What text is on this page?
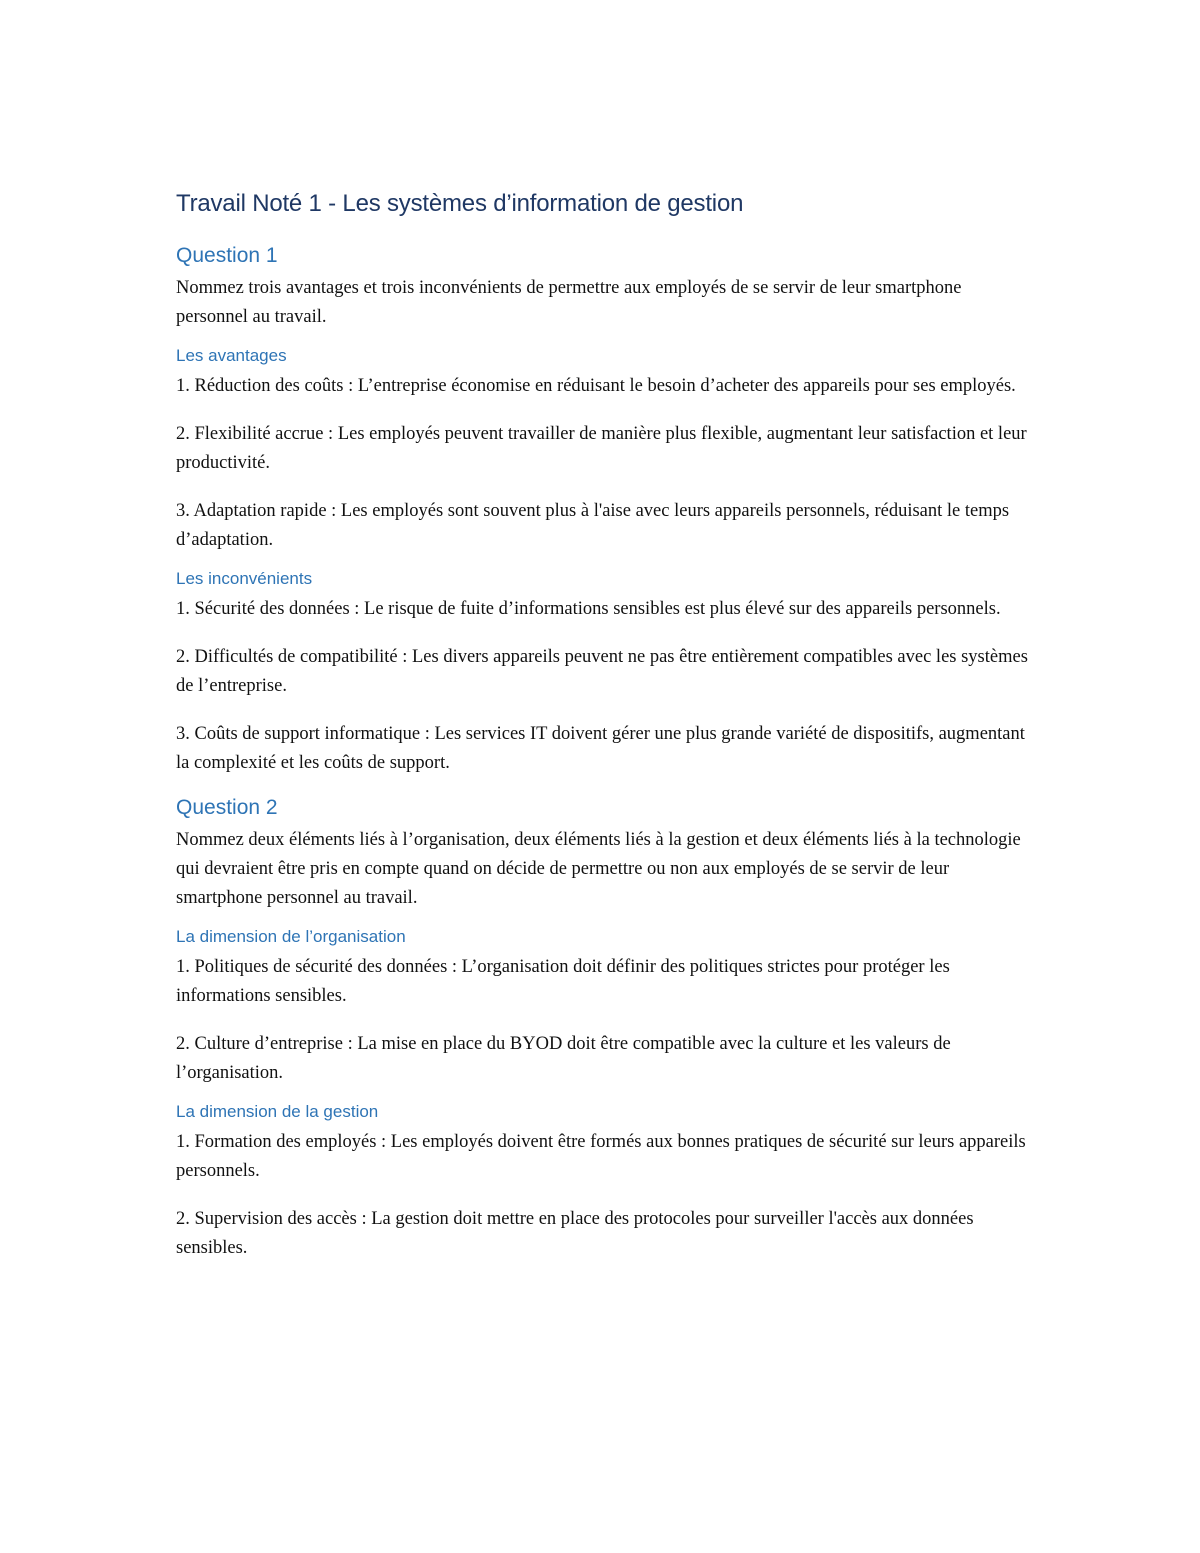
Travail Noté 1 - Les systèmes d’information de gestion
Question 1

Nommez trois avantages et trois inconvénients de permettre aux employés de se servir de leur smartphone personnel au travail.

Les avantages

1. Réduction des coûts : L’entreprise économise en réduisant le besoin d’acheter des appareils pour ses employés.

2. Flexibilité accrue : Les employés peuvent travailler de manière plus flexible, augmentant leur satisfaction et leur productivité.

3. Adaptation rapide : Les employés sont souvent plus à l'aise avec leurs appareils personnels, réduisant le temps d’adaptation.

Les inconvénients

1. Sécurité des données : Le risque de fuite d’informations sensibles est plus élevé sur des appareils personnels.

2. Difficultés de compatibilité : Les divers appareils peuvent ne pas être entièrement compatibles avec les systèmes de l’entreprise.

3. Coûts de support informatique : Les services IT doivent gérer une plus grande variété de dispositifs, augmentant la complexité et les coûts de support.

Question 2

Nommez deux éléments liés à l’organisation, deux éléments liés à la gestion et deux éléments liés à la technologie qui devraient être pris en compte quand on décide de permettre ou non aux employés de se servir de leur smartphone personnel au travail.

La dimension de l’organisation

1. Politiques de sécurité des données : L’organisation doit définir des politiques strictes pour protéger les informations sensibles.

2. Culture d’entreprise : La mise en place du BYOD doit être compatible avec la culture et les valeurs de l’organisation.

La dimension de la gestion

1. Formation des employés : Les employés doivent être formés aux bonnes pratiques de sécurité sur leurs appareils personnels.

2. Supervision des accès : La gestion doit mettre en place des protocoles pour surveiller l'accès aux données sensibles.
